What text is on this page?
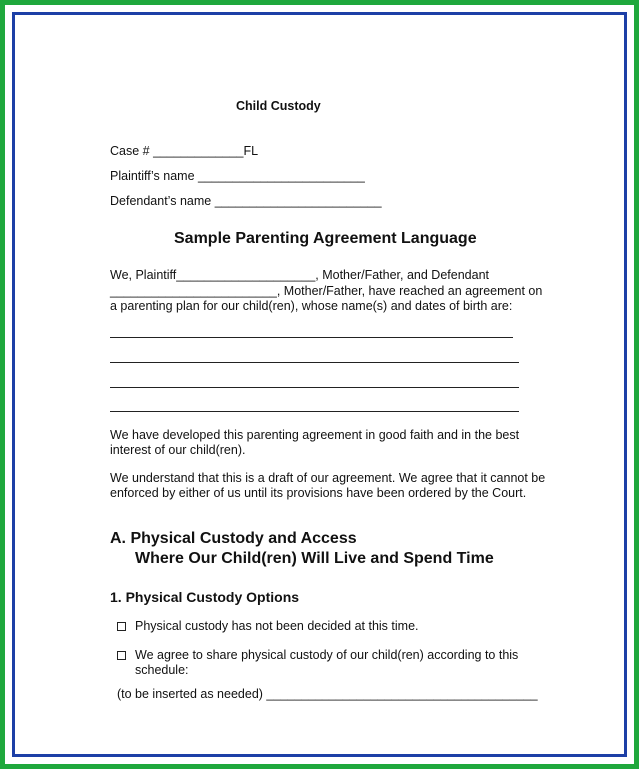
Child Custody
Case # _____________FL
Plaintiff’s name ________________________
Defendant’s name ________________________
Sample Parenting Agreement Language
We, Plaintiff____________________, Mother/Father, and Defendant
________________________, Mother/Father, have reached an agreement on
a parenting plan for our child(ren), whose name(s) and dates of birth are:
We have developed this parenting agreement in good faith and in the best
interest of our child(ren).
We understand that this is a draft of our agreement. We agree that it cannot be
enforced by either of us until its provisions have been ordered by the Court.
A. Physical Custody and Access
Where Our Child(ren) Will Live and Spend Time
1. Physical Custody Options
Physical custody has not been decided at this time.
We agree to share physical custody of our child(ren) according to this
schedule:
(to be inserted as needed) _______________________________________
